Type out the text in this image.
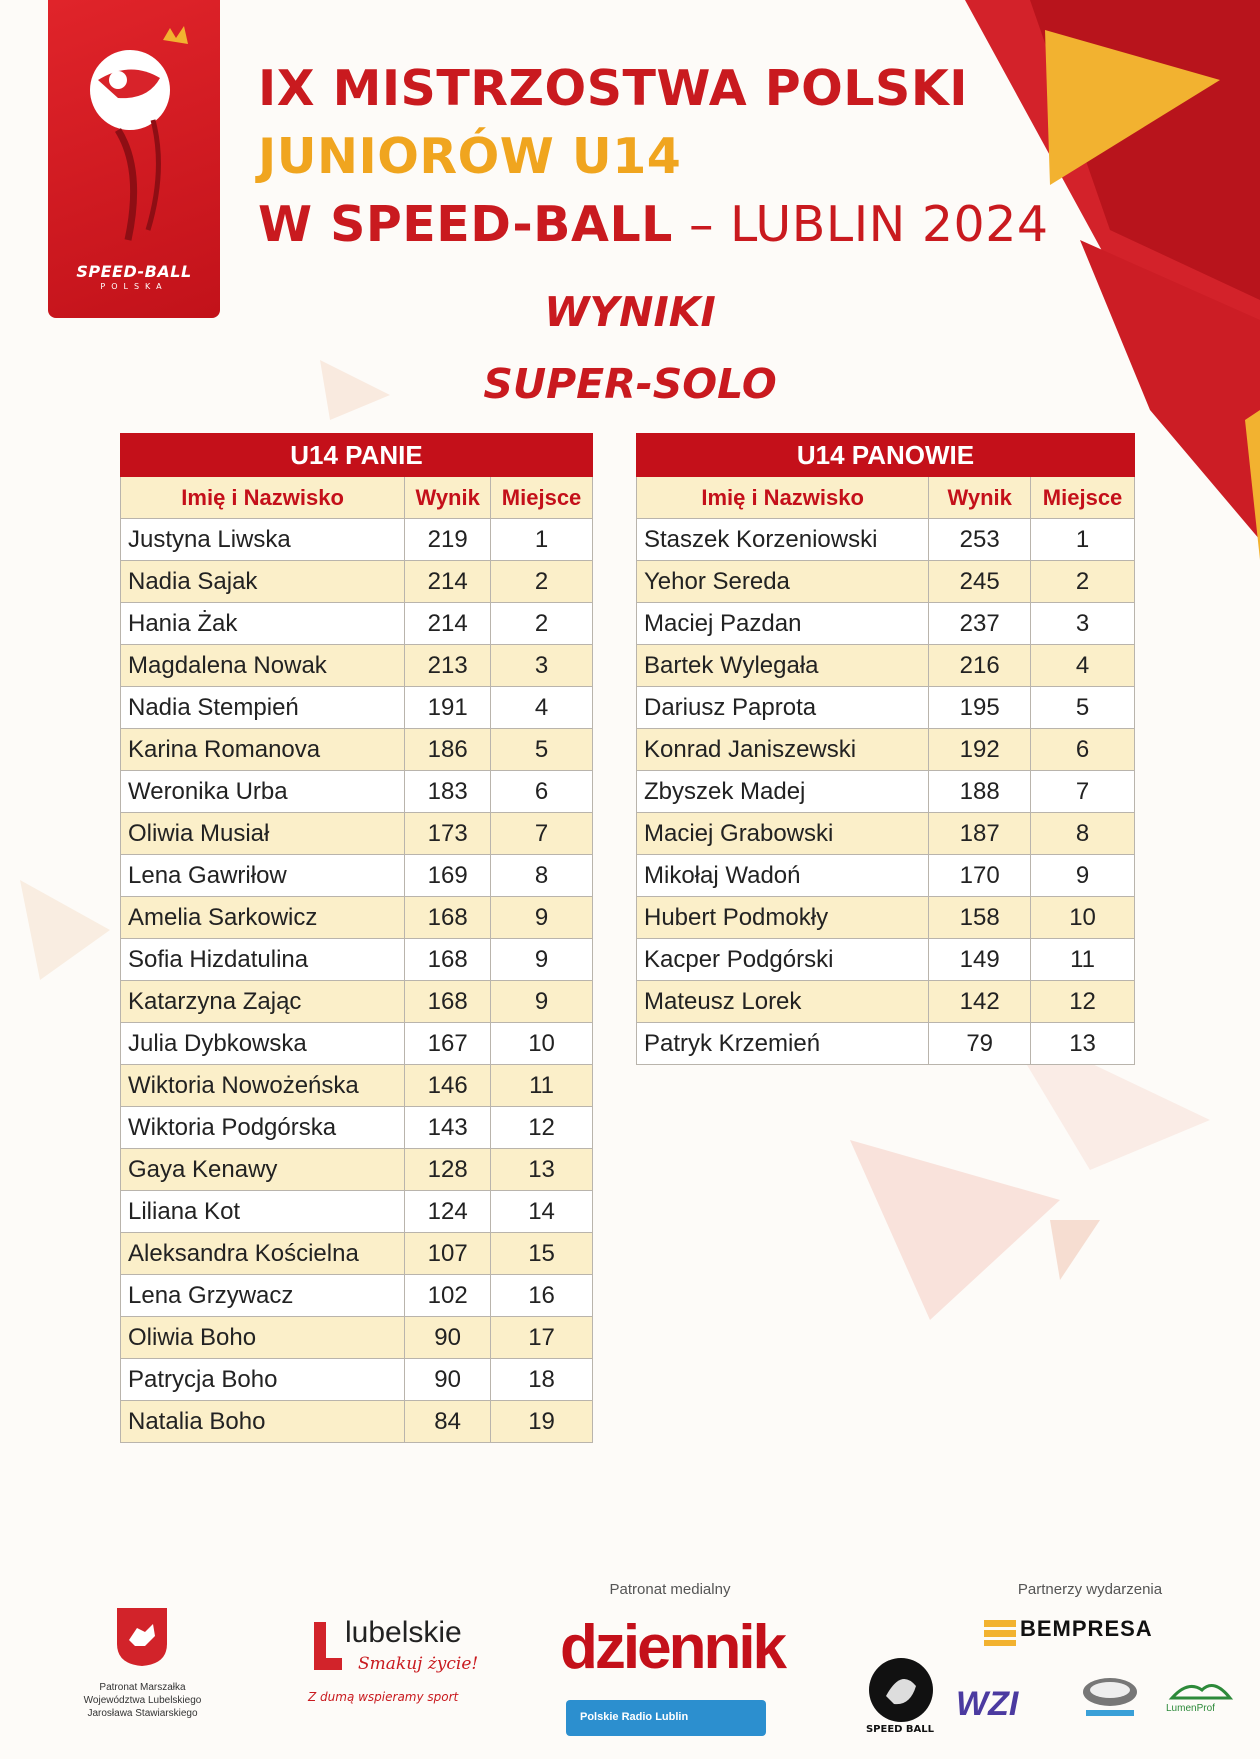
SPEED-BALL
POLSKA
IX MISTRZOSTWA POLSKI
JUNIORÓW U14
W SPEED-BALL – LUBLIN 2024
WYNIKI
SUPER-SOLO
U14 PANIE		
Imię i Nazwisko	Wynik	Miejsce
Justyna Liwska	219	1
Nadia Sajak	214	2
Hania Żak	214	2
Magdalena Nowak	213	3
Nadia Stempień	191	4
Karina Romanova	186	5
Weronika Urba	183	6
Oliwia Musiał	173	7
Lena Gawriłow	169	8
Amelia Sarkowicz	168	9
Sofia Hizdatulina	168	9
Katarzyna Zając	168	9
Julia Dybkowska	167	10
Wiktoria Nowożeńska	146	11
Wiktoria Podgórska	143	12
Gaya Kenawy	128	13
Liliana Kot	124	14
Aleksandra Kościelna	107	15
Lena Grzywacz	102	16
Oliwia Boho	90	17
Patrycja Boho	90	18
Natalia Boho	84	19
U14 PANOWIE		
Imię i Nazwisko	Wynik	Miejsce
Staszek Korzeniowski	253	1
Yehor Sereda	245	2
Maciej Pazdan	237	3
Bartek Wylegała	216	4
Dariusz Paprota	195	5
Konrad Janiszewski	192	6
Zbyszek Madej	188	7
Maciej Grabowski	187	8
Mikołaj Wadoń	170	9
Hubert Podmokły	158	10
Kacper Podgórski	149	11
Mateusz Lorek	142	12
Patryk Krzemień	79	13
Patronat Marszałka
Województwa Lubelskiego
Jarosława Stawiarskiego
lubelskie
Smakuj życie!
Z dumą wspieramy sport
Patronat medialny
dziennik
Polskie Radio Lublin
Partnerzy wydarzenia
BEMPRESA
SPEED BALL
WZI	LumenProf
